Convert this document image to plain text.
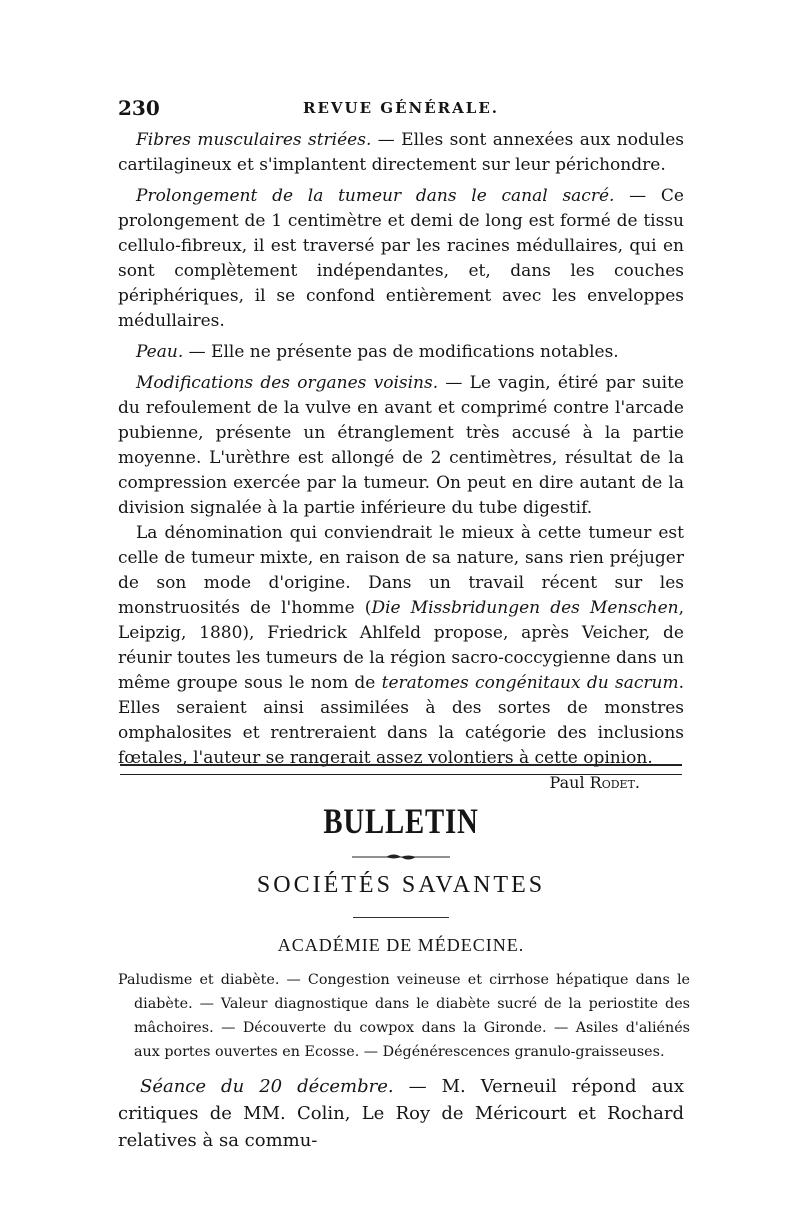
230	REVUE GÉNÉRALE.

Fibres musculaires striées. — Elles sont annexées aux nodules cartilagineux et s'implantent directement sur leur périchondre.

Prolongement de la tumeur dans le canal sacré. — Ce prolongement de 1 centimètre et demi de long est formé de tissu cellulo-fibreux, il est traversé par les racines médullaires, qui en sont complètement indépendantes, et, dans les couches périphériques, il se confond entièrement avec les enveloppes médullaires.

Peau. — Elle ne présente pas de modifications notables.

Modifications des organes voisins. — Le vagin, étiré par suite du refoulement de la vulve en avant et comprimé contre l'arcade pubienne, présente un étranglement très accusé à la partie moyenne. L'urèthre est allongé de 2 centimètres, résultat de la compression exercée par la tumeur. On peut en dire autant de la division signalée à la partie inférieure du tube digestif.

La dénomination qui conviendrait le mieux à cette tumeur est celle de tumeur mixte, en raison de sa nature, sans rien préjuger de son mode d'origine. Dans un travail récent sur les monstruosités de l'homme (Die Missbridungen des Menschen, Leipzig, 1880), Friedrick Ahlfeld propose, après Veicher, de réunir toutes les tumeurs de la région sacro-coccygienne dans un même groupe sous le nom de teratomes congénitaux du sacrum. Elles seraient ainsi assimilées à des sortes de monstres omphalosites et rentreraient dans la catégorie des inclusions fœtales, l'auteur se rangerait assez volontiers à cette opinion.

Paul Rodet.

BULLETIN
SOCIÉTÉS SAVANTES
ACADÉMIE DE MÉDECINE.

Paludisme et diabète. — Congestion veineuse et cirrhose hépatique dans le diabète. — Valeur diagnostique dans le diabète sucré de la periostite des mâchoires. — Découverte du cowpox dans la Gironde. — Asiles d'aliénés aux portes ouvertes en Ecosse. — Dégénérescences granulo-graisseuses.

Séance du 20 décembre. — M. Verneuil répond aux critiques de MM. Colin, Le Roy de Méricourt et Rochard relatives à sa commu-
